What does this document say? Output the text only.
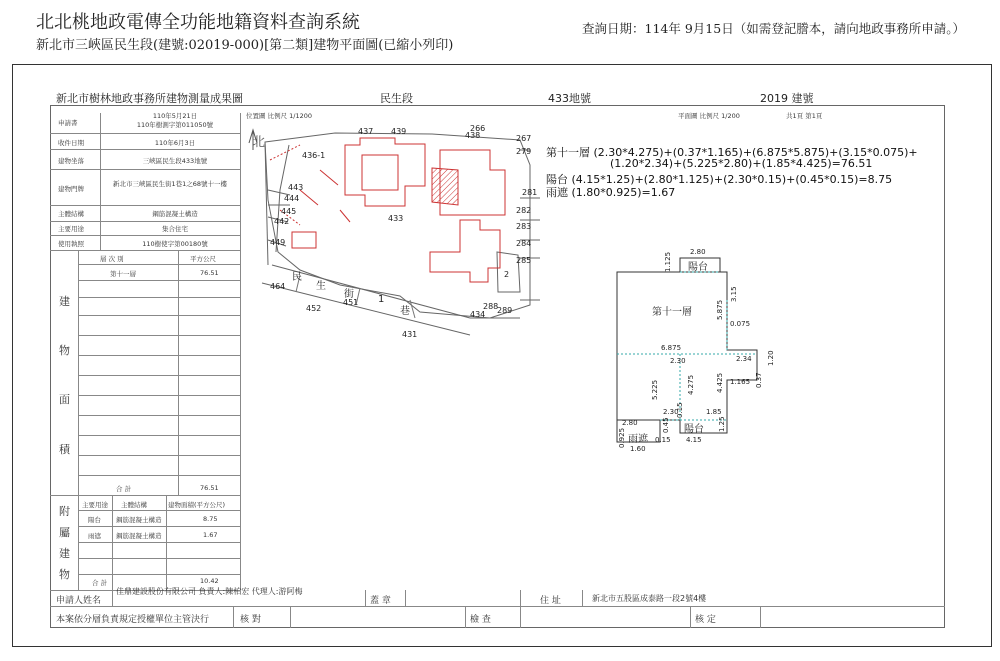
北北桃地政電傳全功能地籍資料查詢系統	查詢日期：114年 9月15日（如需登記謄本，請向地政事務所申請。）
新北市三峽區民生段(建號:02019-000)[第二類]建物平面圖(已縮小列印)
新北市樹林地政事務所建物測量成果圖	民生段	433地號	2019 建號
位置圖 比例尺 1/1200	平面圖 比例尺 1/200	共1頁 第1頁
申請書
110年5月21日
110年樹測字第011050號
收件日期	110年6月3日
建物坐落	三峽區民生段433地號
建物門牌
新北市三峽區民生街1巷1之68號十一樓
主體結構	鋼筋混凝土構造
主要用途	集合住宅
使用執照	110樹使字第00180號
層 次 別	平方公尺
第十一層	76.51
建
物
面
積
合 計	76.51
主要用途 主體結構	建物面積(平方公尺)
陽台 鋼筋混凝土構造	8.75
雨遮 鋼筋混凝土構造	1.67
附
屬
建
物
合 計	10.42
申請人姓名
佳鼎建設股份有限公司 負責人:陳柏宏 代理人:游阿梅
蓋 章	住 址	新北市五股區成泰路一段2號4樓
本案依分層負責規定授權單位主管決行	核 對	檢 查	核 定
北
433
民
生
街 1
巷
437 439	266
438	267
279
436-1
443
444
445
442
449
281
282
283
284
285
464
452
451
431
434
288
289
2
第十一層 (2.30*4.275)+(0.37*1.165)+(6.875*5.875)+(3.15*0.075)+
(1.20*2.34)+(5.225*2.80)+(1.85*4.425)=76.51
陽台 (4.15*1.25)+(2.80*1.125)+(2.30*0.15)+(0.45*0.15)=8.75
雨遮 (1.80*0.925)=1.67
第十一層
陽台
陽台
雨遮
2.80
6.875
2.30	2.34
2.30	1.85
2.80
0.15 4.15
1.60
1.165
0.075
1.125
3.15
5.875
1.20
0.37
5.225	4.275	4.425
0.45
0.15
1.25
0.925
